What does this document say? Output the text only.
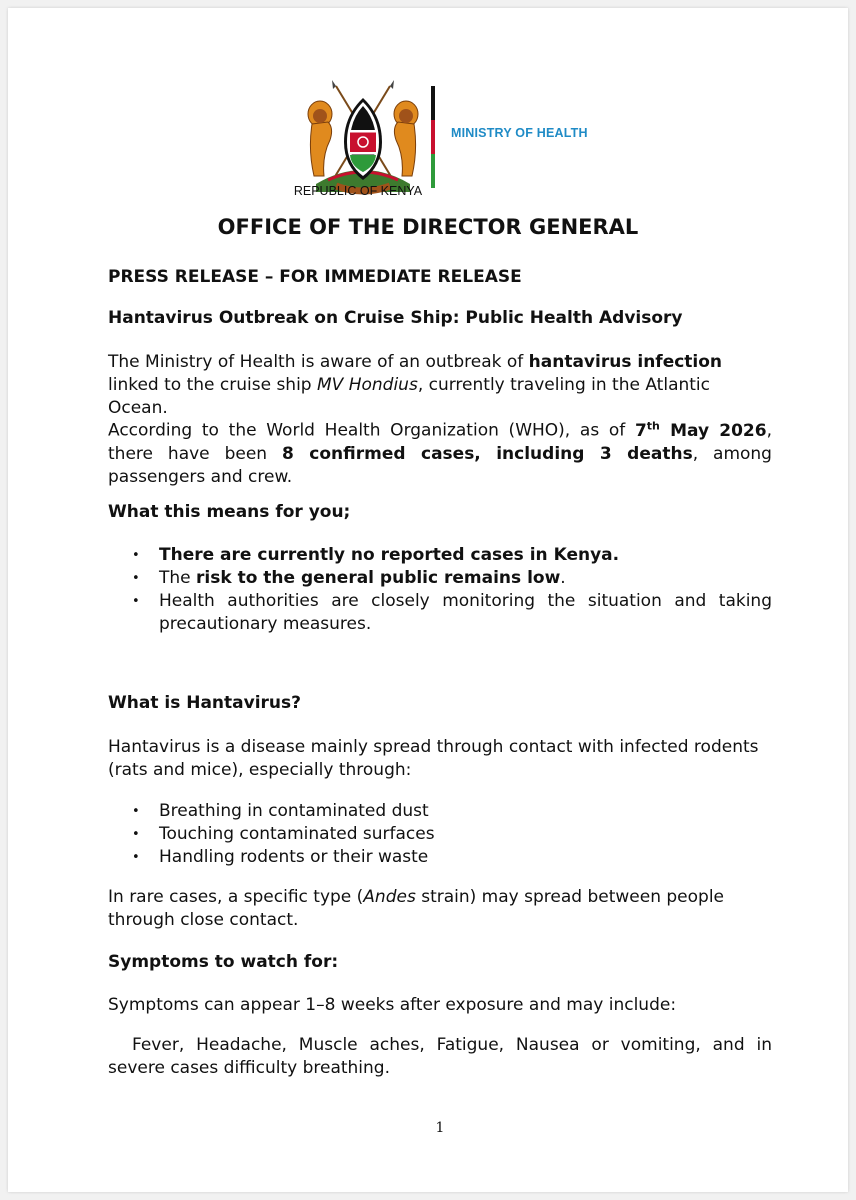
REPUBLIC OF KENYA
MINISTRY OF HEALTH
OFFICE OF THE DIRECTOR GENERAL
PRESS RELEASE – FOR IMMEDIATE RELEASE
Hantavirus Outbreak on Cruise Ship: Public Health Advisory
The Ministry of Health is aware of an outbreak of hantavirus infection linked to the cruise ship MV Hondius, currently traveling in the Atlantic Ocean.
According to the World Health Organization (WHO), as of 7th May 2026, there have been 8 confirmed cases, including 3 deaths, among passengers and crew.
What this means for you;
• There are currently no reported cases in Kenya.
• The risk to the general public remains low.
• Health authorities are closely monitoring the situation and taking precautionary measures.
What is Hantavirus?
Hantavirus is a disease mainly spread through contact with infected rodents (rats and mice), especially through:
• Breathing in contaminated dust
• Touching contaminated surfaces
• Handling rodents or their waste
In rare cases, a specific type (Andes strain) may spread between people through close contact.
Symptoms to watch for:
Symptoms can appear 1–8 weeks after exposure and may include:
Fever, Headache, Muscle aches, Fatigue, Nausea or vomiting, and in severe cases difficulty breathing.
1
